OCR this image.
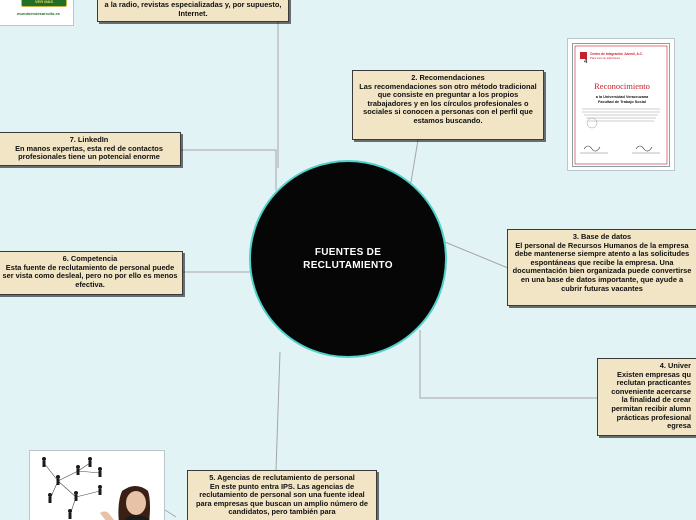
a la radio, revistas especializadas y, por supuesto, Internet.
2. Recomendaciones
Las recomendaciones son otro método tradicional que consiste en preguntar a los propios trabajadores y en los círculos profesionales o sociales si conocen a personas con el perfil que estamos buscando.
3. Base de datos
El personal de Recursos Humanos de la empresa debe mantenerse siempre atento a las solicitudes espontáneas que recibe la empresa. Una documentación bien organizada puede convertirse en una base de datos importante, que ayude a cubrir futuras vacantes
4. Univer
Existen empresas qu reclutan practicantes conveniente acercarse la finalidad de crear permitan recibir alumn prácticas profesional egresa
5. Agencias de reclutamiento de personal
En este punto entra IPS. Las agencias de reclutamiento de personal son una fuente ideal para empresas que buscan un amplio número de candidatos, pero también para
6. Competencia
Esta fuente de reclutamiento de personal puede ser vista como desleal, pero no por ello es menos efectiva.
7. LinkedIn
En manos expertas, esta red de contactos profesionales tiene un potencial enorme
FUENTES DE RECLUTAMIENTO
VER MÁS
mundoendesarrollo.es
Centro de Integración Juvenil, A.C.
Para vivir sin adicciones
4
Reconocimiento
a la Universidad Veracruzana
Facultad de Trabajo Social
